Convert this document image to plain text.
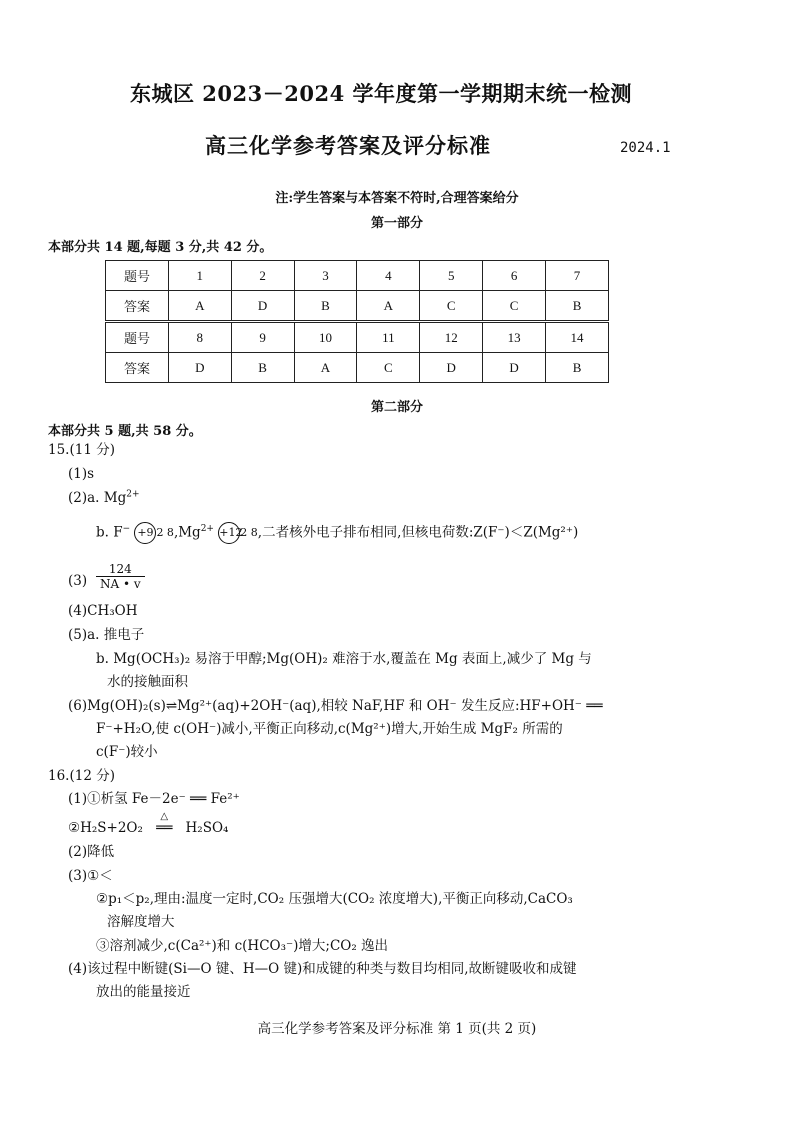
东城区 2023－2024 学年度第一学期期末统一检测
高三化学参考答案及评分标准	2024.1
注:学生答案与本答案不符时,合理答案给分
第一部分
本部分共 14 题,每题 3 分,共 42 分。
题号	1	2	3	4	5	6	7
答案	A	D	B	A	C	C	B
题号	8	9	10	11	12	13	14
答案	D	B	A	C	D	D	B
第二部分
本部分共 5 题,共 58 分。
15.(11 分)
(1)s
(2)a. $Mg^{2+}$
b. F− +9 2 $8,Mg^{2+} +122$ 8,二者核外电子排布相同,但核电荷数:Z(F⁻)＜Z(Mg²⁺)
$(3) \frac{124}{NA • v}$
(4)CH₃OH
(5)a. 推电子
b. Mg(OCH₃)₂ 易溶于甲醇;Mg(OH)₂ 难溶于水,覆盖在 Mg 表面上,减少了 Mg 与
水的接触面积
(6)Mg(OH)₂(s)⇌Mg²⁺(aq)+2OH⁻(aq),相较 NaF,HF 和 OH⁻ 发生反应:HF+OH⁻ ══
F⁻+H₂O,使 c(OH⁻)减小,平衡正向移动,c(Mg²⁺)增大,开始生成 MgF₂ 所需的
c(F⁻)较小
16.(12 分)
(1)①析氢 Fe－2e⁻ ══ Fe²⁺
②H₂S+2O₂
△
══ H₂SO₄
(2)降低
(3)①＜
②p₁＜p₂,理由:温度一定时,CO₂ 压强增大(CO₂ 浓度增大),平衡正向移动,CaCO₃
溶解度增大
③溶剂减少,c(Ca²⁺)和 c(HCO₃⁻)增大;CO₂ 逸出
(4)该过程中断键(Si—O 键、H—O 键)和成键的种类与数目均相同,故断键吸收和成键
放出的能量接近
高三化学参考答案及评分标准 第 1 页(共 2 页)
